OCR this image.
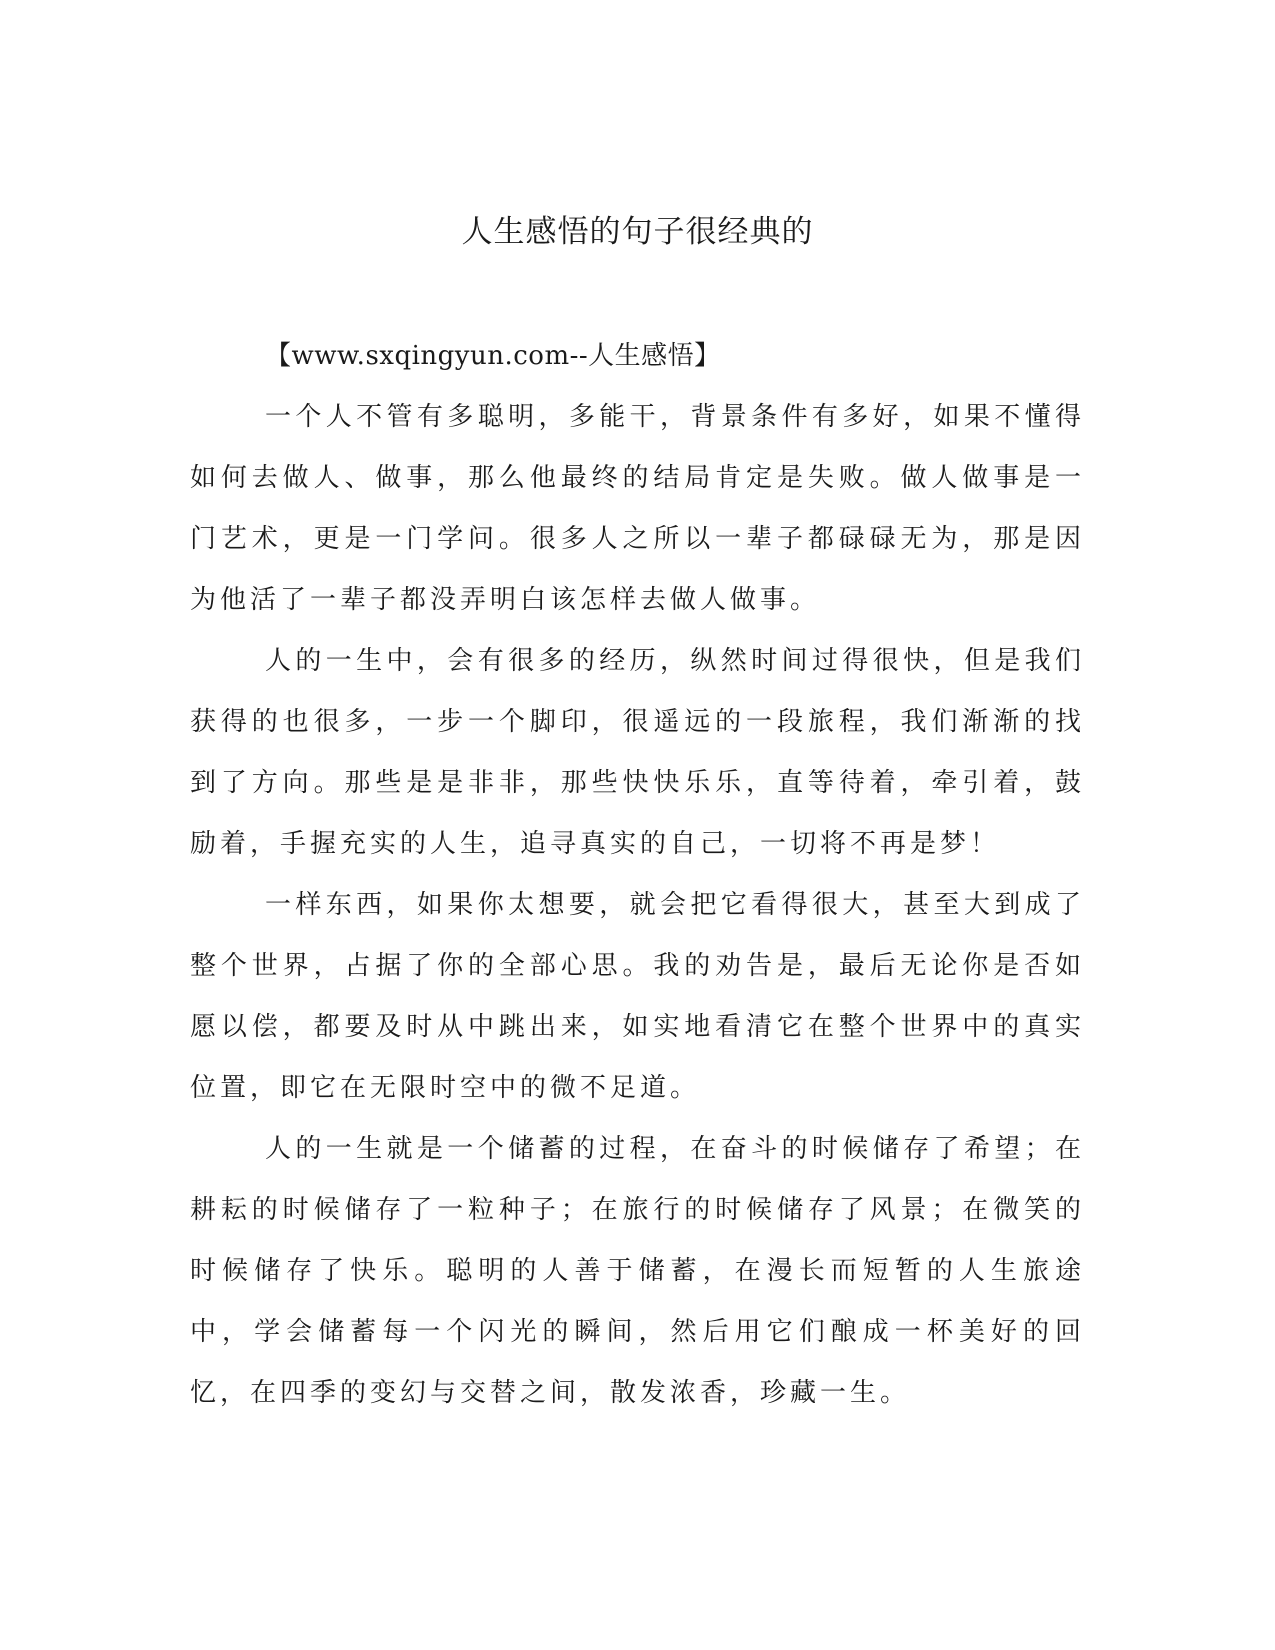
人生感悟的句子很经典的

【www.sxqingyun.com--人生感悟】

一个人不管有多聪明，多能干，背景条件有多好，如果不懂得如何去做人、做事，那么他最终的结局肯定是失败。做人做事是一门艺术，更是一门学问。很多人之所以一辈子都碌碌无为，那是因为他活了一辈子都没弄明白该怎样去做人做事。

人的一生中，会有很多的经历，纵然时间过得很快，但是我们获得的也很多，一步一个脚印，很遥远的一段旅程，我们渐渐的找到了方向。那些是是非非，那些快快乐乐，直等待着，牵引着，鼓励着，手握充实的人生，追寻真实的自己，一切将不再是梦！

一样东西，如果你太想要，就会把它看得很大，甚至大到成了整个世界，占据了你的全部心思。我的劝告是，最后无论你是否如愿以偿，都要及时从中跳出来，如实地看清它在整个世界中的真实位置，即它在无限时空中的微不足道。

人的一生就是一个储蓄的过程，在奋斗的时候储存了希望；在耕耘的时候储存了一粒种子；在旅行的时候储存了风景；在微笑的时候储存了快乐。聪明的人善于储蓄，在漫长而短暂的人生旅途中，学会储蓄每一个闪光的瞬间，然后用它们酿成一杯美好的回忆，在四季的变幻与交替之间，散发浓香，珍藏一生。
